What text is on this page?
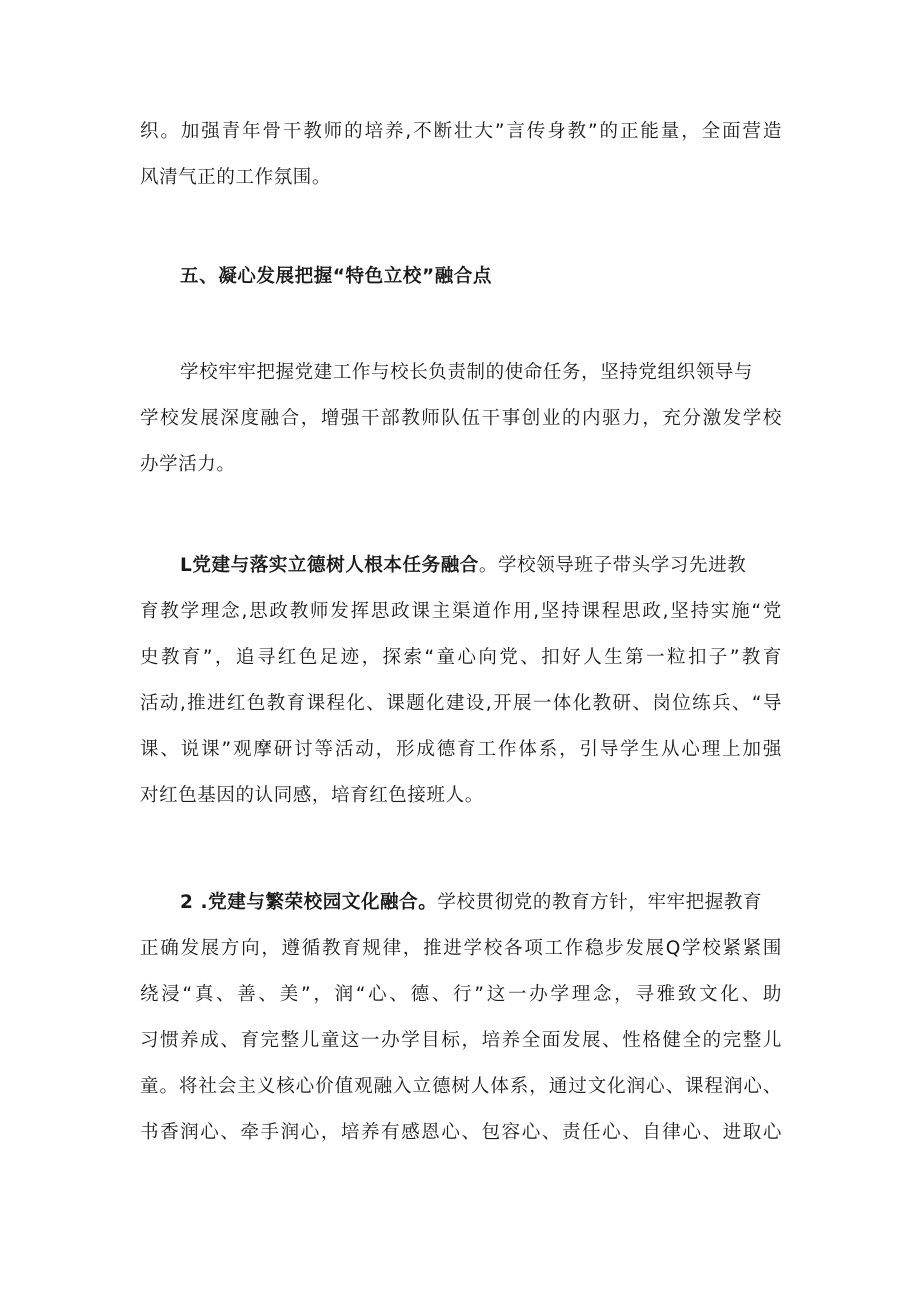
织。加强青年骨干教师的培养,不断壮大”言传身教”的正能量，全面营造
风清气正的工作氛围。
五、凝心发展把握“特色立校”融合点
学校牢牢把握党建工作与校长负责制的使命任务，坚持党组织领导与
学校发展深度融合，增强干部教师队伍干事创业的内驱力，充分激发学校
办学活力。
L党建与落实立德树人根本任务融合。学校领导班子带头学习先进教
育教学理念,思政教师发挥思政课主渠道作用,坚持课程思政,坚持实施“党
史教育”，追寻红色足迹，探索“童心向党、扣好人生第一粒扣子”教育
活动,推进红色教育课程化、课题化建设,开展一体化教研、岗位练兵、“导
课、说课”观摩研讨等活动，形成德育工作体系，引导学生从心理上加强
对红色基因的认同感，培育红色接班人。
2 .党建与繁荣校园文化融合。学校贯彻党的教育方针，牢牢把握教育
正确发展方向，遵循教育规律，推进学校各项工作稳步发展Q学校紧紧围
绕浸“真、善、美”，润“心、德、行”这一办学理念，寻雅致文化、助
习惯养成、育完整儿童这一办学目标，培养全面发展、性格健全的完整儿
童。将社会主义核心价值观融入立德树人体系，通过文化润心、课程润心、
书香润心、牵手润心，培养有感恩心、包容心、责任心、自律心、进取心
